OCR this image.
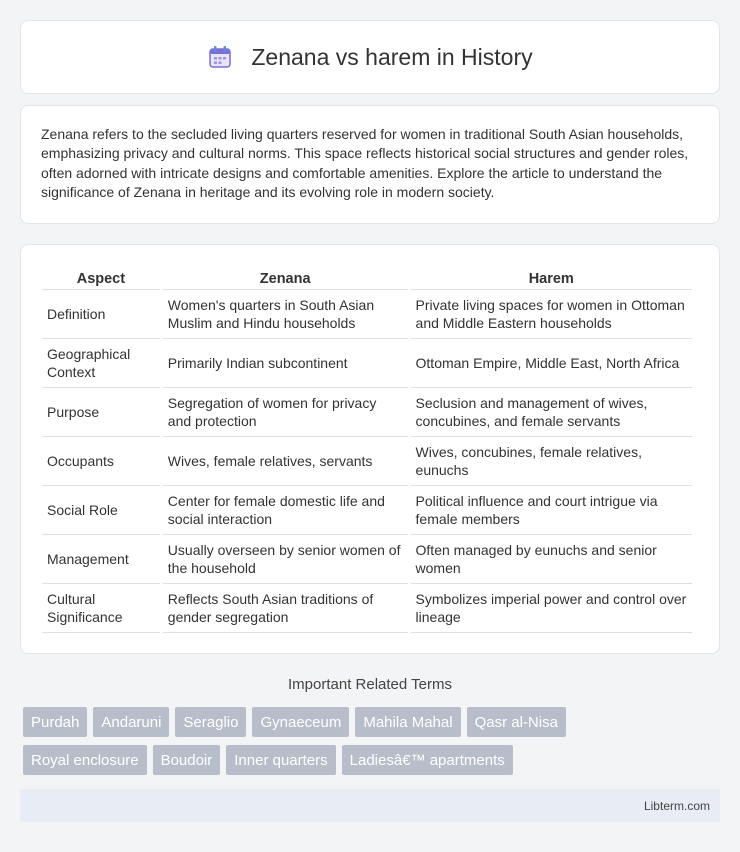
Zenana vs harem in History

Zenana refers to the secluded living quarters reserved for women in traditional South Asian households, emphasizing privacy and cultural norms. This space reflects historical social structures and gender roles, often adorned with intricate designs and comfortable amenities. Explore the article to understand the significance of Zenana in heritage and its evolving role in modern society.

Aspect	Zenana	Harem
Definition	Women's quarters in South Asian Muslim and Hindu households	Private living spaces for women in Ottoman and Middle Eastern households
Geographical Context	Primarily Indian subcontinent	Ottoman Empire, Middle East, North Africa
Purpose	Segregation of women for privacy and protection	Seclusion and management of wives, concubines, and female servants
Occupants	Wives, female relatives, servants	Wives, concubines, female relatives, eunuchs
Social Role	Center for female domestic life and social interaction	Political influence and court intrigue via female members
Management	Usually overseen by senior women of the household	Often managed by eunuchs and senior women
Cultural Significance	Reflects South Asian traditions of gender segregation	Symbolizes imperial power and control over lineage
Important Related Terms
Purdah	Andaruni	Seraglio	Gynaeceum	Mahila Mahal	Qasr al-Nisa
Royal enclosure	Boudoir	Inner quarters	Ladiesâ€™ apartments
Libterm.com
